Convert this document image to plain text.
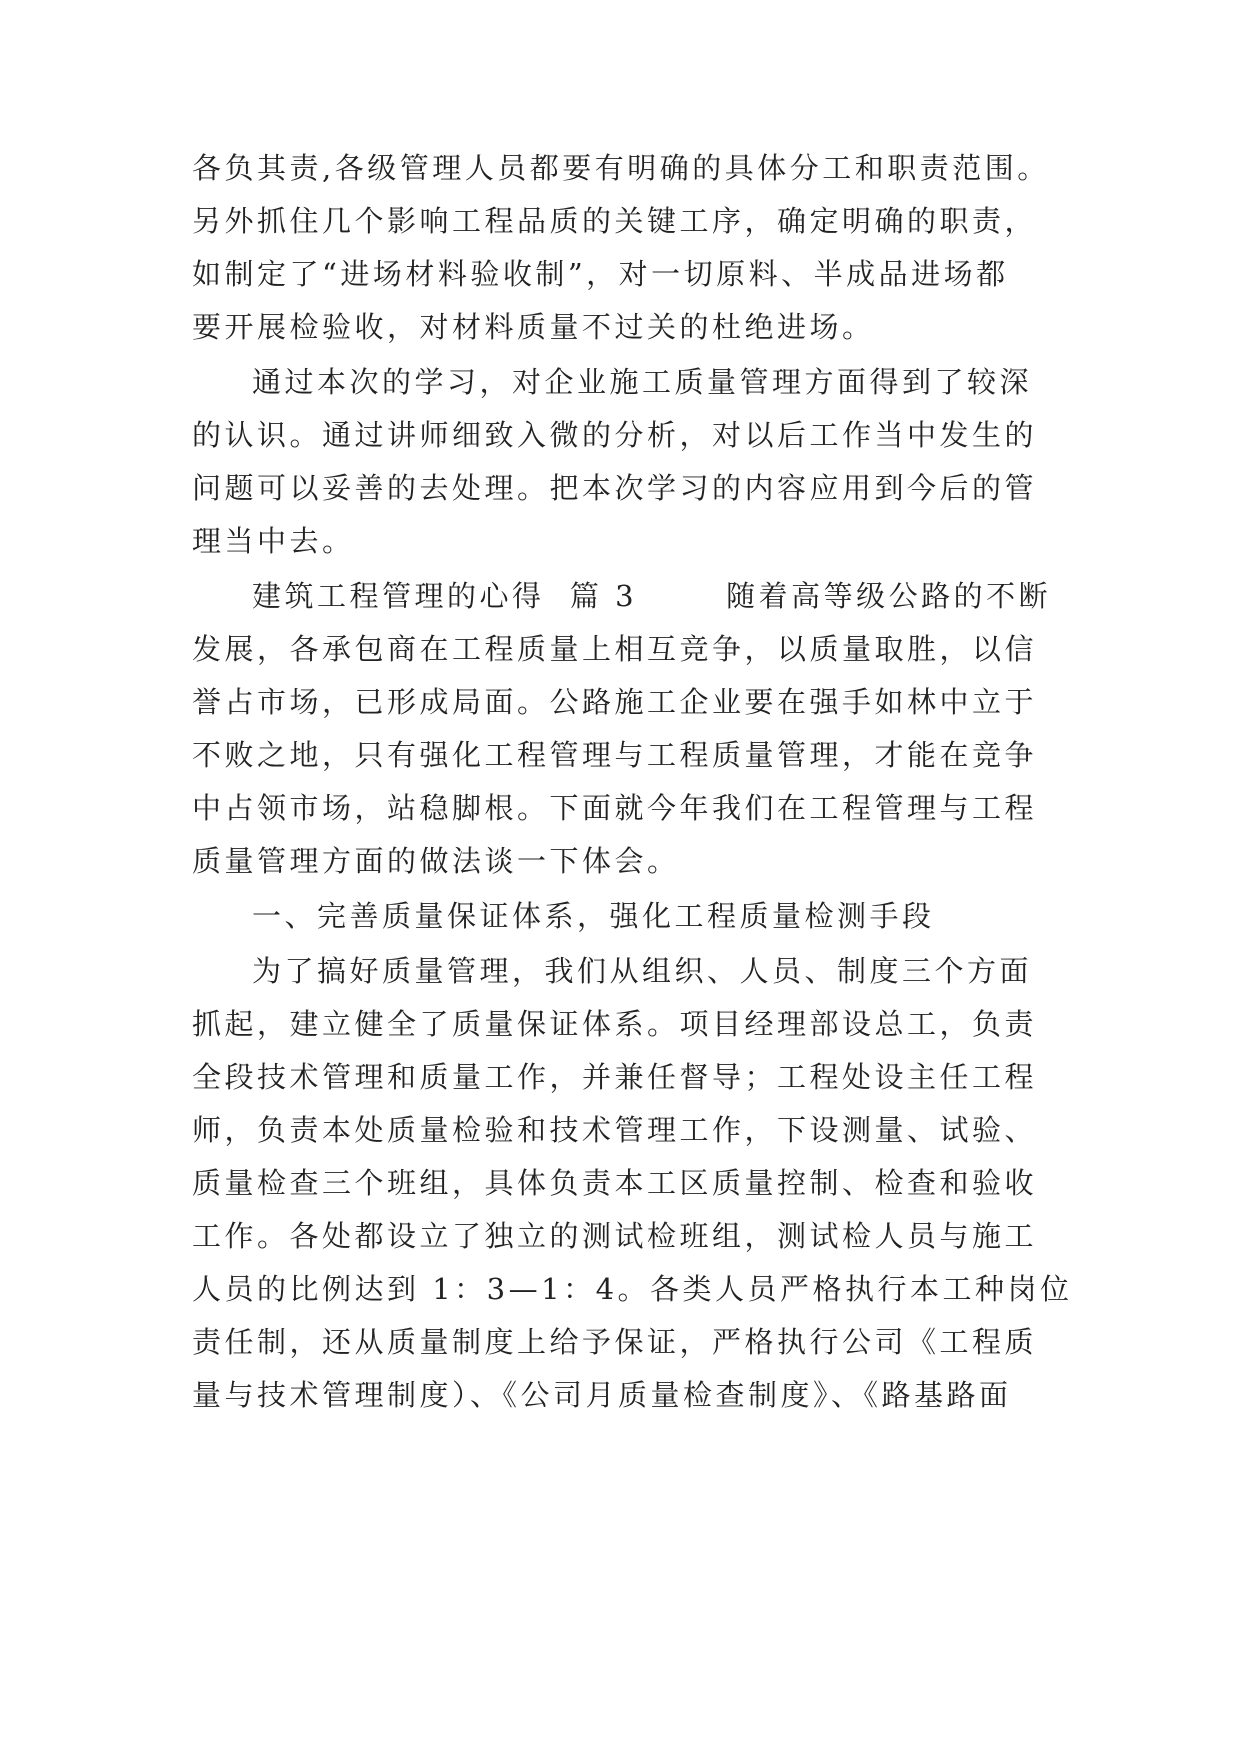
各负其责,各级管理人员都要有明确的具体分工和职责范围。
另外抓住几个影响工程品质的关键工序，确定明确的职责，
如制定了“进场材料验收制”，对一切原料、半成品进场都
要开展检验收，对材料质量不过关的杜绝进场。
通过本次的学习，对企业施工质量管理方面得到了较深
的认识。通过讲师细致入微的分析，对以后工作当中发生的
问题可以妥善的去处理。把本次学习的内容应用到今后的管
理当中去。
建筑工程管理的心得  篇 3       随着高等级公路的不断
发展，各承包商在工程质量上相互竞争，以质量取胜，以信
誉占市场，已形成局面。公路施工企业要在强手如林中立于
不败之地，只有强化工程管理与工程质量管理，才能在竞争
中占领市场，站稳脚根。下面就今年我们在工程管理与工程
质量管理方面的做法谈一下体会。
一、完善质量保证体系，强化工程质量检测手段
为了搞好质量管理，我们从组织、人员、制度三个方面
抓起，建立健全了质量保证体系。项目经理部设总工，负责
全段技术管理和质量工作，并兼任督导；工程处设主任工程
师，负责本处质量检验和技术管理工作，下设测量、试验、
质量检查三个班组，具体负责本工区质量控制、检查和验收
工作。各处都设立了独立的测试检班组，测试检人员与施工
人员的比例达到 1：3—1：4。各类人员严格执行本工种岗位
责任制，还从质量制度上给予保证，严格执行公司《工程质
量与技术管理制度）、《公司月质量检查制度》、《路基路面
